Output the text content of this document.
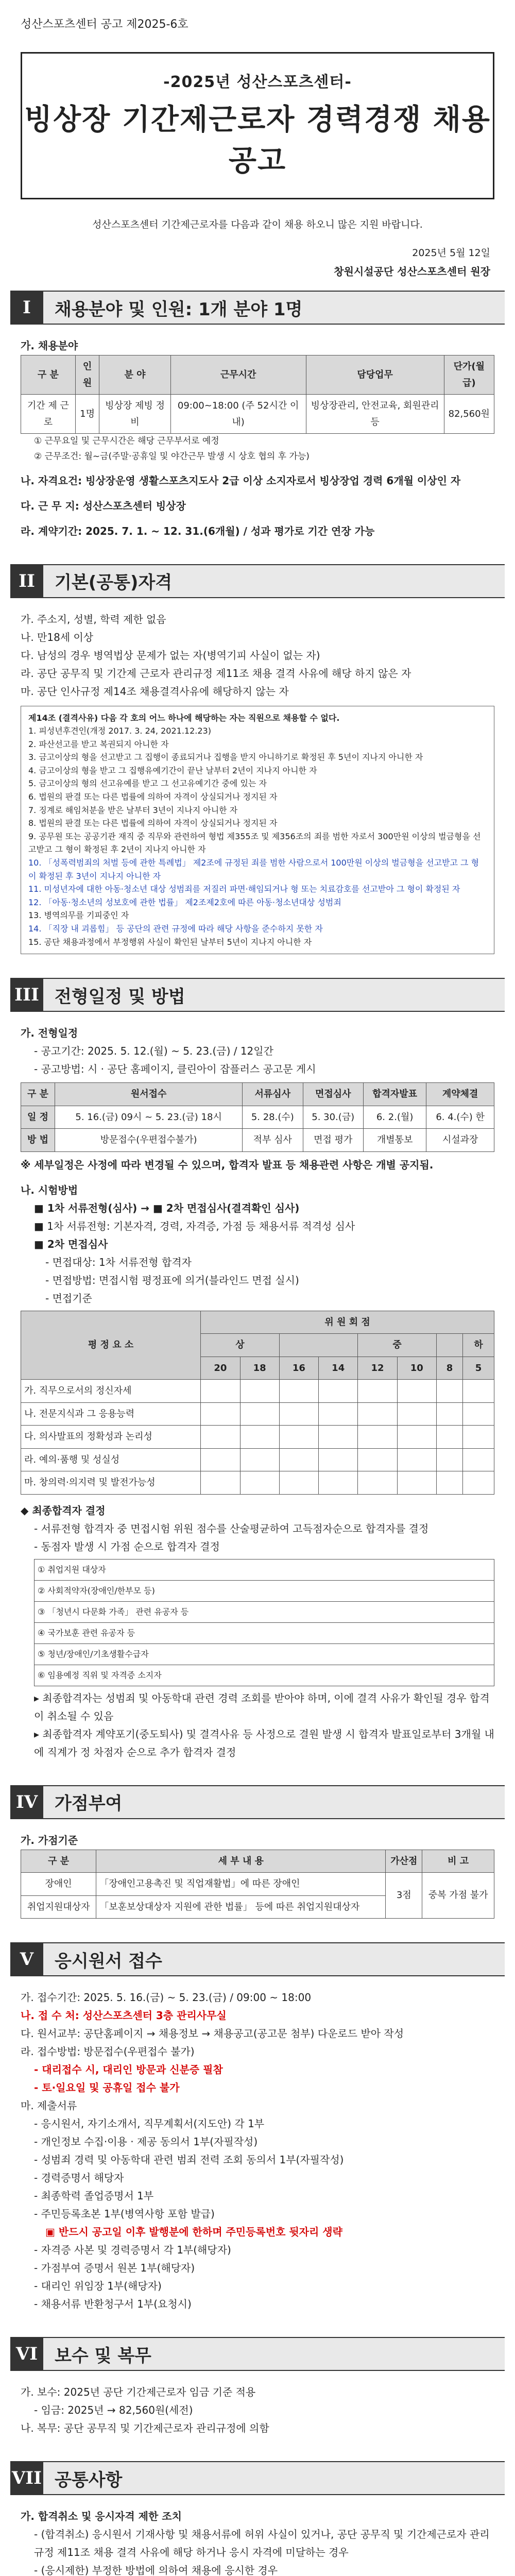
성산스포츠센터 공고 제2025-6호
-2025년 성산스포츠센터-
빙상장 기간제근로자 경력경쟁 채용공고
성산스포츠센터 기간제근로자를 다음과 같이 채용 하오니 많은 지원 바랍니다.
2025년 5월 12일
창원시설공단 성산스포츠센터 원장
I	채용분야 및 인원: 1개 분야 1명
가. 채용분야
구 분	인원	분 야	근무시간	담당업무	단가(월급)
기간 제 근로	1명	빙상장 제빙 정비	09:00~18:00 (주 52시간 이내)	빙상장관리, 안전교육, 회원관리 등	82,560원
① 근무요일 및 근무시간은 해당 근무부서로 예정
② 근무조건: 월~금(주말·공휴일 및 야간근무 발생 시 상호 협의 후 가능)
나. 자격요건: 빙상장운영 생활스포츠지도사 2급 이상 소지자로서 빙상장업 경력 6개월 이상인 자
다. 근 무 지: 성산스포츠센터 빙상장
라. 계약기간: 2025. 7. 1. ~ 12. 31.(6개월) / 성과 평가로 기간 연장 가능
II	기본(공통)자격
가. 주소지, 성별, 학력 제한 없음
나. 만18세 이상
다. 남성의 경우 병역법상 문제가 없는 자(병역기피 사실이 없는 자)
라. 공단 공무직 및 기간제 근로자 관리규정 제11조 채용 결격 사유에 해당 하지 않은 자
마. 공단 인사규정 제14조 채용결격사유에 해당하지 않는 자
제14조 (결격사유) 다음 각 호의 어느 하나에 해당하는 자는 직원으로 채용할 수 없다.
1. 피성년후견인(개정 2017. 3. 24, 2021.12.23)
2. 파산선고를 받고 복권되지 아니한 자
3. 금고이상의 형을 선고받고 그 집행이 종료되거나 집행을 받지 아니하기로 확정된 후 5년이 지나지 아니한 자
4. 금고이상의 형을 받고 그 집행유예기간이 끝난 날부터 2년이 지나지 아니한 자
5. 금고이상의 형의 선고유예를 받고 그 선고유예기간 중에 있는 자
6. 법원의 판결 또는 다른 법률에 의하여 자격이 상실되거나 정지된 자
7. 징계로 해임처분을 받은 날부터 3년이 지나지 아니한 자
8. 법원의 판결 또는 다른 법률에 의하여 자격이 상실되거나 정지된 자
9. 공무원 또는 공공기관 재직 중 직무와 관련하여 형법 제355조 및 제356조의 죄를 범한 자로서 300만원 이상의 벌금형을 선고받고 그 형이 확정된 후 2년이 지나지 아니한 자
10. 「성폭력범죄의 처벌 등에 관한 특례법」 제2조에 규정된 죄를 범한 사람으로서 100만원 이상의 벌금형을 선고받고 그 형이 확정된 후 3년이 지나지 아니한 자
11. 미성년자에 대한 아동·청소년 대상 성범죄를 저질러 파면·해임되거나 형 또는 치료감호를 선고받아 그 형이 확정된 자
12. 「아동·청소년의 성보호에 관한 법률」 제2조제2호에 따른 아동·청소년대상 성범죄
13. 병역의무를 기피중인 자
14. 「직장 내 괴롭힘」 등 공단의 관련 규정에 따라 해당 사항을 준수하지 못한 자
15. 공단 채용과정에서 부정행위 사실이 확인된 날부터 5년이 지나지 아니한 자
III 전형일정 및 방법
가. 전형일정
- 공고기간: 2025. 5. 12.(월) ~ 5. 23.(금) / 12일간
- 공고방법: 시 · 공단 홈페이지, 클린아이 잡플러스 공고문 게시
구 분	원서접수	서류심사	면접심사	합격자발표	계약체결
일 정	5. 16.(금) 09시 ~ 5. 23.(금) 18시	5. 28.(수)	5. 30.(금)	6. 2.(월)	6. 4.(수) 한
방 법	방문접수(우편접수불가)	적부 심사	면접 평가	개별통보	시설과장
※ 세부일정은 사정에 따라 변경될 수 있으며, 합격자 발표 등 채용관련 사항은 개별 공지됨.
나. 시험방법
■ 1차 서류전형(심사) → ■ 2차 면접심사(결격확인 심사)
■ 1차 서류전형: 기본자격, 경력, 자격증, 가점 등 채용서류 적격성 심사
■ 2차 면접심사
- 면접대상: 1차 서류전형 합격자
- 면접방법: 면접시험 평정표에 의거(블라인드 면접 실시)
- 면접기준
평 정 요 소	위 원 회 점							
	상				중			하
	20	18	16	14	12	10	8	5
가. 직무으로서의 정신자세								
나. 전문지식과 그 응용능력								
다. 의사발표의 정확성과 논리성								
라. 예의·품행 및 성실성								
마. 창의력·의지력 및 발전가능성								
◆ 최종합격자 결정
- 서류전형 합격자 중 면접시험 위원 점수를 산술평균하여 고득점자순으로 합격자를 결정
- 동점자 발생 시 가점 순으로 합격자 결정
① 취업지원 대상자
② 사회적약자(장애인/한부모 등)
③ 「청년시 다문화 가족」 관련 유공자 등
④ 국가보훈 관련 유공자 등
⑤ 청년/장애인/기초생활수급자
⑥ 임용예정 직위 및 자격증 소지자
▸ 최종합격자는 성범죄 및 아동학대 관련 경력 조회를 받아야 하며, 이에 결격 사유가 확인될 경우 합격이 취소될 수 있음
▸ 최종합격자 계약포기(중도퇴사) 및 결격사유 등 사정으로 결원 발생 시 합격자 발표일로부터 3개월 내에 직계가 정 차점자 순으로 추가 합격자 결정
IV 가점부여
가. 가점기준
구 분	세 부 내 용	가산점	비 고
장애인	「장애인고용촉진 및 직업재활법」에 따른 장애인	3점	중복 가점 불가
취업지원대상자	「보훈보상대상자 지원에 관한 법률」 등에 따른 취업지원대상자		
V	응시원서 접수
가. 접수기간: 2025. 5. 16.(금) ~ 5. 23.(금) / 09:00 ~ 18:00
나. 접 수 처: 성산스포츠센터 3층 관리사무실
다. 원서교부: 공단홈페이지 → 채용정보 → 채용공고(공고문 첨부) 다운로드 받아 작성
라. 접수방법: 방문접수(우편접수 불가)
- 대리접수 시, 대리인 방문과 신분증 필참
- 토·일요일 및 공휴일 접수 불가
마. 제출서류
- 응시원서, 자기소개서, 직무계획서(지도안) 각 1부
- 개인정보 수집·이용 · 제공 동의서 1부(자필작성)
- 성범죄 경력 및 아동학대 관련 범죄 전력 조회 동의서 1부(자필작성)
- 경력증명서 해당자
- 최종학력 졸업증명서 1부
- 주민등록초본 1부(병역사항 포함 발급)
▣ 반드시 공고일 이후 발행분에 한하며 주민등록번호 뒷자리 생략
- 자격증 사본 및 경력증명서 각 1부(해당자)
- 가점부여 증명서 원본 1부(해당자)
- 대리인 위임장 1부(해당자)
- 채용서류 반환청구서 1부(요청시)
VI 보수 및 복무
가. 보수: 2025년 공단 기간제근로자 임금 기준 적용
- 임금: 2025년 → 82,560원(세전)
나. 복무: 공단 공무직 및 기간제근로자 관리규정에 의함
VII 공통사항
가. 합격취소 및 응시자격 제한 조치
- (합격취소) 응시원서 기재사항 및 채용서류에 허위 사실이 있거나, 공단 공무직 및 기간제근로자 관리규정 제11조 채용 결격 사유에 해당 하거나 응시 자격에 미달하는 경우
- (응시제한) 부정한 방법에 의하여 채용에 응시한 경우
